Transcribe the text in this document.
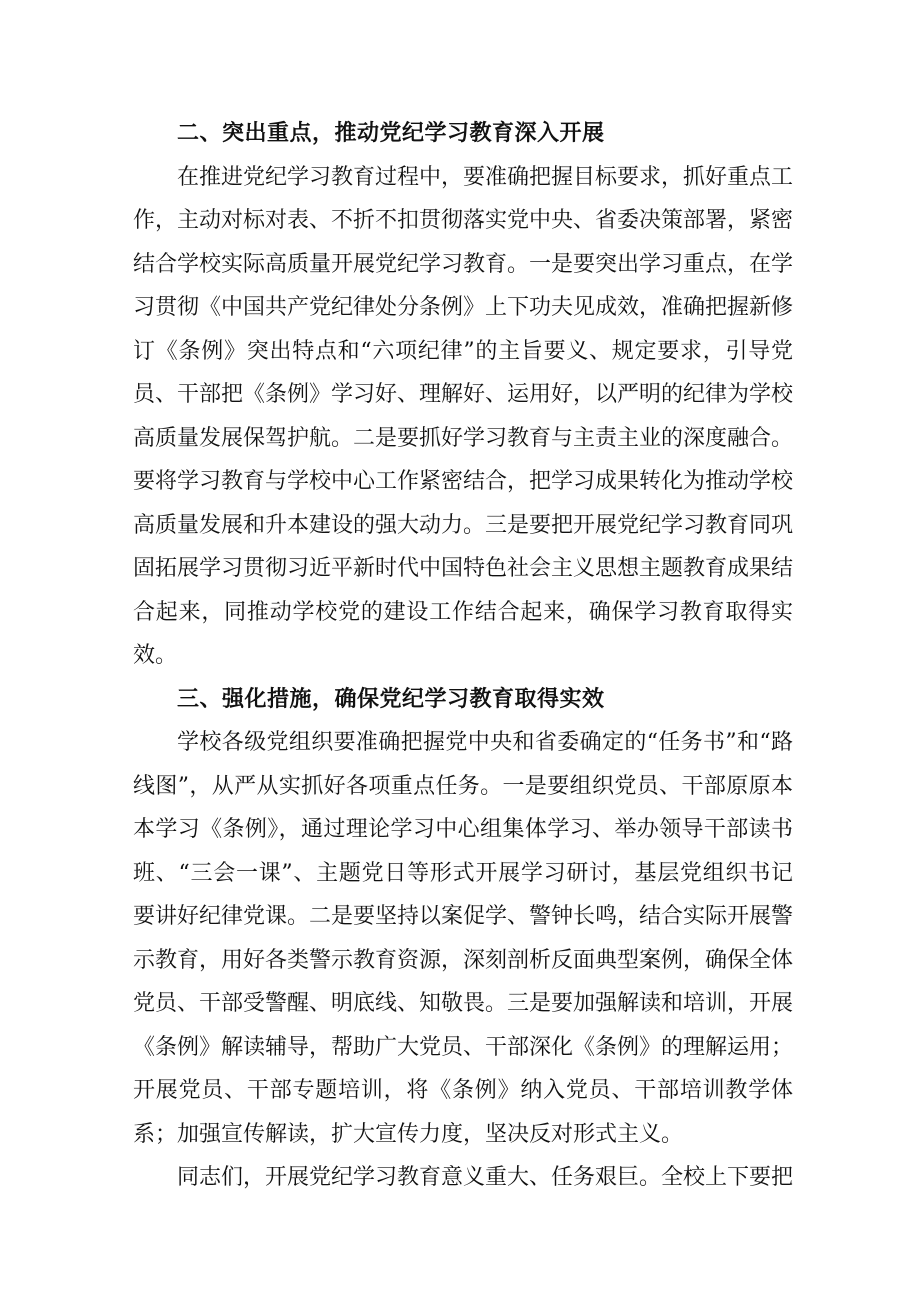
二、突出重点，推动党纪学习教育深入开展

在推进党纪学习教育过程中，要准确把握目标要求，抓好重点工作，主动对标对表、不折不扣贯彻落实党中央、省委决策部署，紧密结合学校实际高质量开展党纪学习教育。一是要突出学习重点，在学习贯彻《中国共产党纪律处分条例》上下功夫见成效，准确把握新修订《条例》突出特点和“六项纪律”的主旨要义、规定要求，引导党员、干部把《条例》学习好、理解好、运用好，以严明的纪律为学校高质量发展保驾护航。二是要抓好学习教育与主责主业的深度融合。要将学习教育与学校中心工作紧密结合，把学习成果转化为推动学校高质量发展和升本建设的强大动力。三是要把开展党纪学习教育同巩固拓展学习贯彻习近平新时代中国特色社会主义思想主题教育成果结合起来，同推动学校党的建设工作结合起来，确保学习教育取得实效。

三、强化措施，确保党纪学习教育取得实效

学校各级党组织要准确把握党中央和省委确定的“任务书”和“路线图”，从严从实抓好各项重点任务。一是要组织党员、干部原原本本学习《条例》，通过理论学习中心组集体学习、举办领导干部读书班、“三会一课”、主题党日等形式开展学习研讨，基层党组织书记要讲好纪律党课。二是要坚持以案促学、警钟长鸣，结合实际开展警示教育，用好各类警示教育资源，深刻剖析反面典型案例，确保全体党员、干部受警醒、明底线、知敬畏。三是要加强解读和培训，开展《条例》解读辅导，帮助广大党员、干部深化《条例》的理解运用；开展党员、干部专题培训，将《条例》纳入党员、干部培训教学体系；加强宣传解读，扩大宣传力度，坚决反对形式主义。

同志们，开展党纪学习教育意义重大、任务艰巨。全校上下要把
